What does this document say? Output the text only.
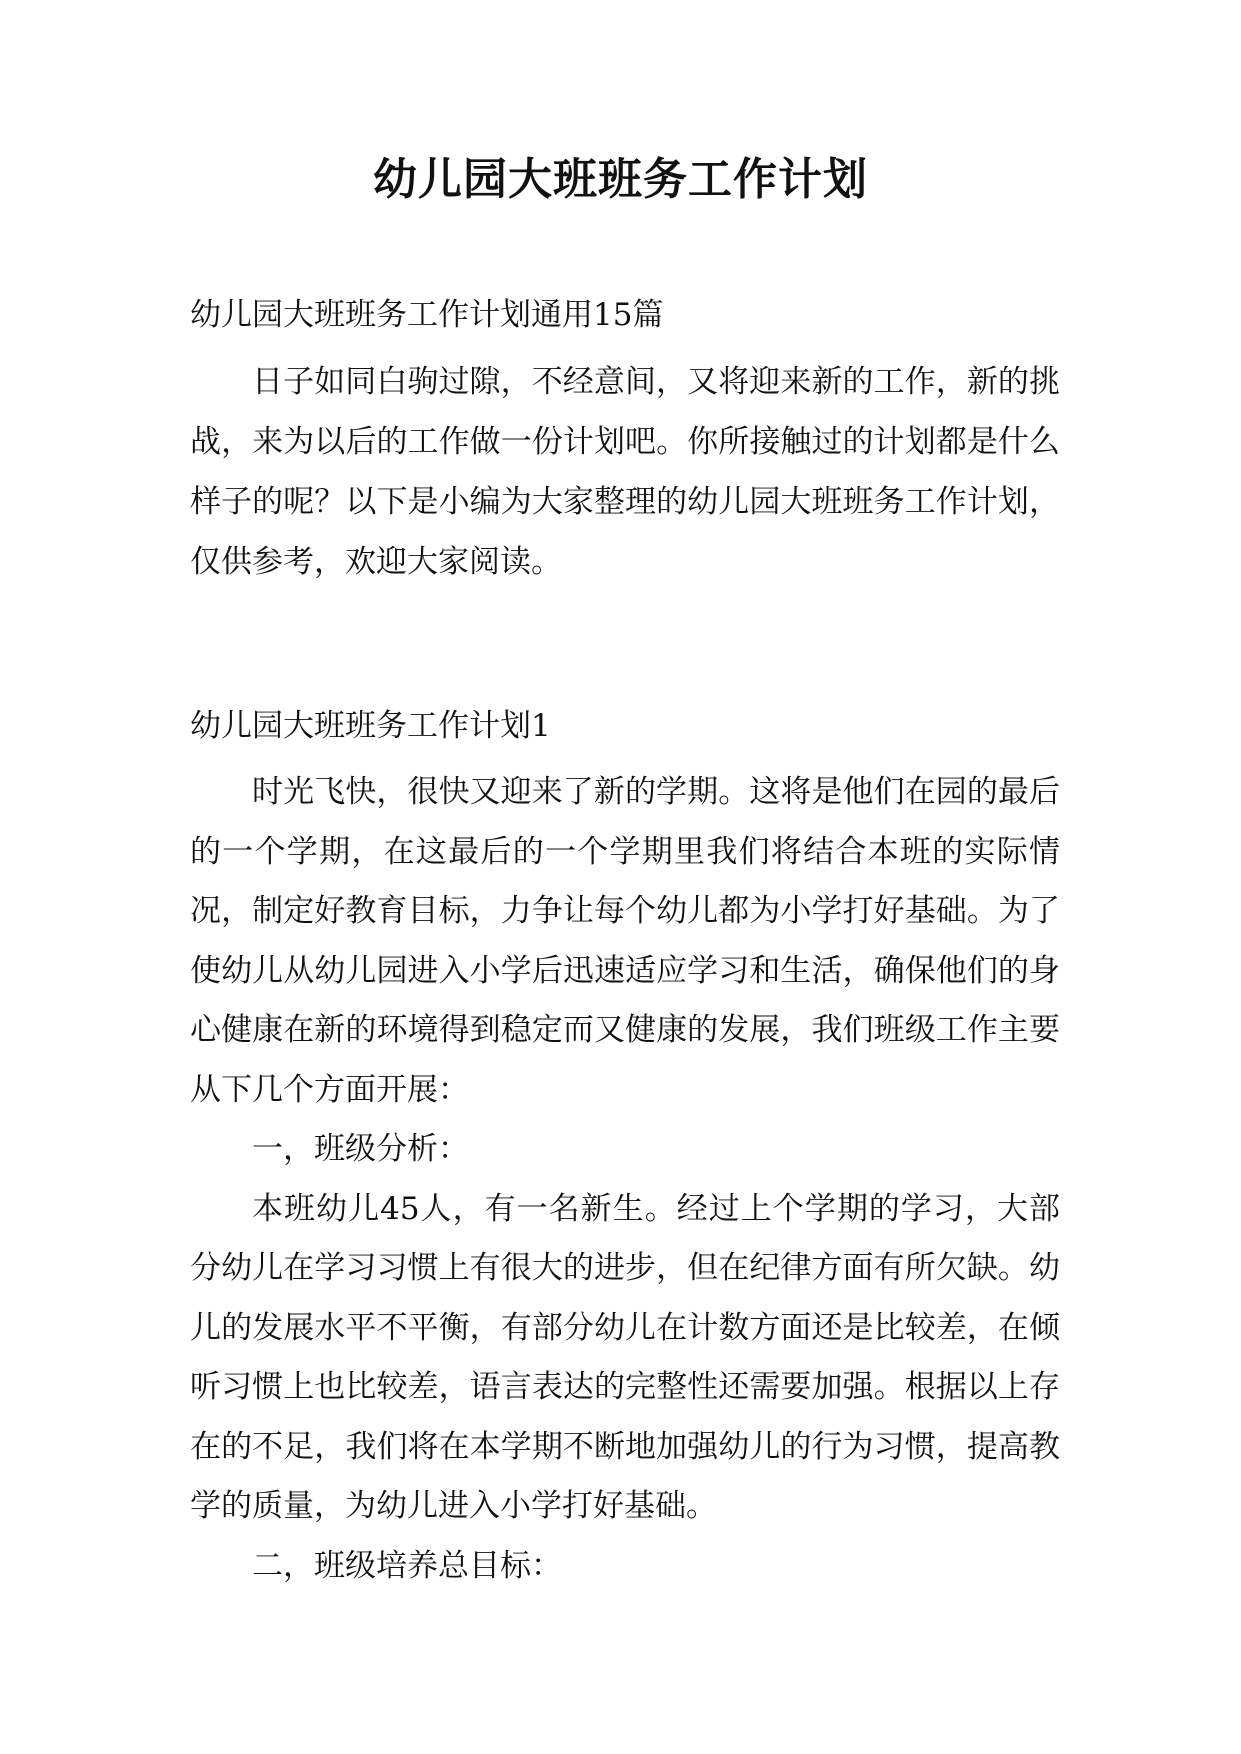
幼儿园大班班务工作计划
幼儿园大班班务工作计划通用15篇
日子如同白驹过隙，不经意间，又将迎来新的工作，新的挑战，来为以后的工作做一份计划吧。你所接触过的计划都是什么样子的呢？以下是小编为大家整理的幼儿园大班班务工作计划，仅供参考，欢迎大家阅读。
幼儿园大班班务工作计划1

时光飞快，很快又迎来了新的学期。这将是他们在园的最后的一个学期，在这最后的一个学期里我们将结合本班的实际情况，制定好教育目标，力争让每个幼儿都为小学打好基础。为了使幼儿从幼儿园进入小学后迅速适应学习和生活，确保他们的身心健康在新的环境得到稳定而又健康的发展，我们班级工作主要从下几个方面开展：

一，班级分析：

本班幼儿45人，有一名新生。经过上个学期的学习，大部分幼儿在学习习惯上有很大的进步，但在纪律方面有所欠缺。幼儿的发展水平不平衡，有部分幼儿在计数方面还是比较差，在倾听习惯上也比较差，语言表达的完整性还需要加强。根据以上存在的不足，我们将在本学期不断地加强幼儿的行为习惯，提高教学的质量，为幼儿进入小学打好基础。

二，班级培养总目标：
